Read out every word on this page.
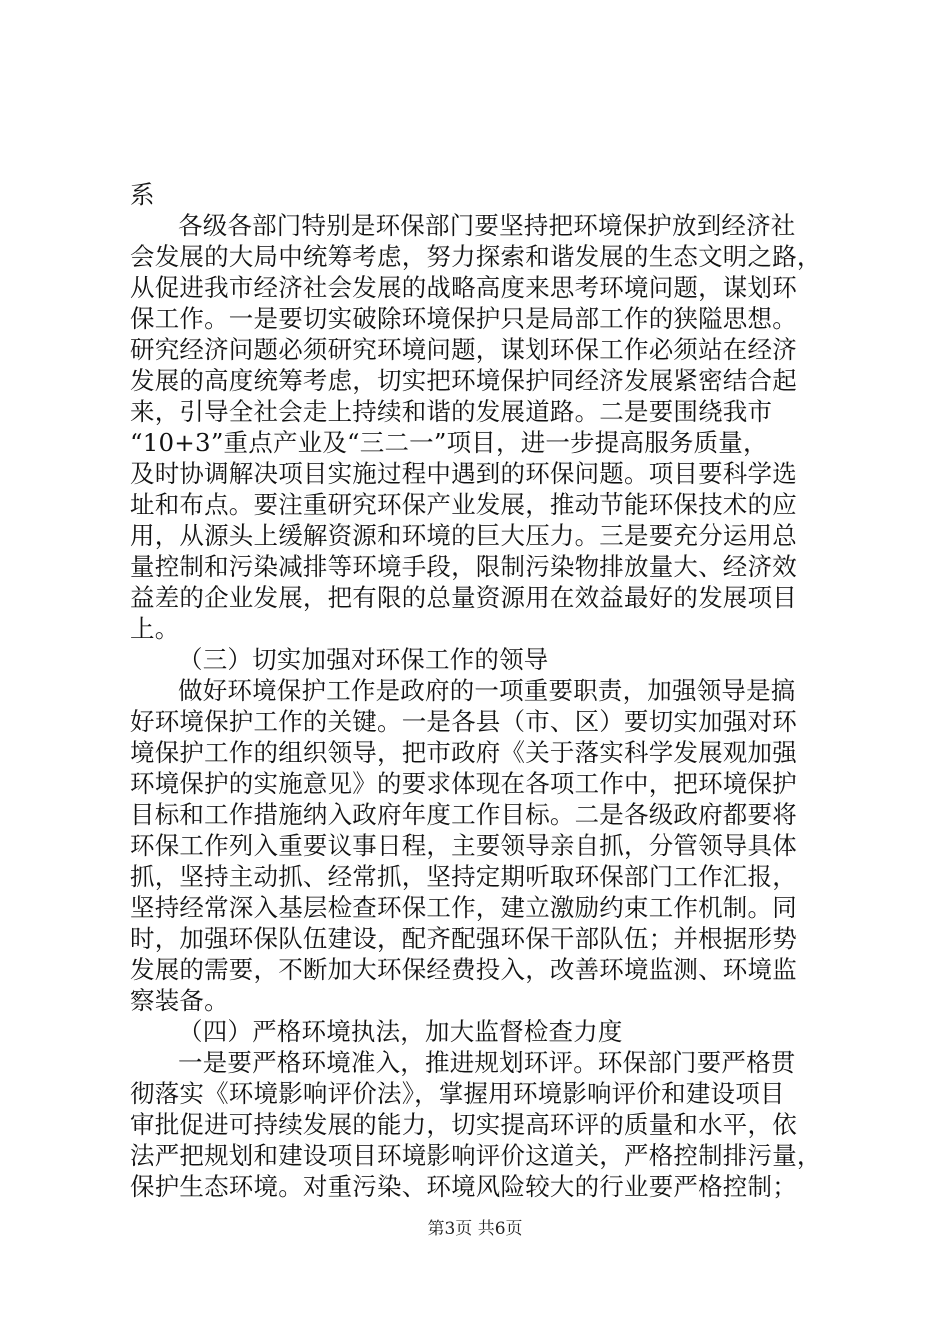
系
各级各部门特别是环保部门要坚持把环境保护放到经济社
会发展的大局中统筹考虑，努力探索和谐发展的生态文明之路，
从促进我市经济社会发展的战略高度来思考环境问题，谋划环
保工作。一是要切实破除环境保护只是局部工作的狭隘思想。
研究经济问题必须研究环境问题，谋划环保工作必须站在经济
发展的高度统筹考虑，切实把环境保护同经济发展紧密结合起
来，引导全社会走上持续和谐的发展道路。二是要围绕我市
“10+3”重点产业及“三二一”项目，进一步提高服务质量，
及时协调解决项目实施过程中遇到的环保问题。项目要科学选
址和布点。要注重研究环保产业发展，推动节能环保技术的应
用，从源头上缓解资源和环境的巨大压力。三是要充分运用总
量控制和污染减排等环境手段，限制污染物排放量大、经济效
益差的企业发展，把有限的总量资源用在效益最好的发展项目
上。
（三）切实加强对环保工作的领导
做好环境保护工作是政府的一项重要职责，加强领导是搞
好环境保护工作的关键。一是各县（市、区）要切实加强对环
境保护工作的组织领导，把市政府《关于落实科学发展观加强
环境保护的实施意见》的要求体现在各项工作中，把环境保护
目标和工作措施纳入政府年度工作目标。二是各级政府都要将
环保工作列入重要议事日程，主要领导亲自抓，分管领导具体
抓，坚持主动抓、经常抓，坚持定期听取环保部门工作汇报，
坚持经常深入基层检查环保工作，建立激励约束工作机制。同
时，加强环保队伍建设，配齐配强环保干部队伍；并根据形势
发展的需要，不断加大环保经费投入，改善环境监测、环境监
察装备。
（四）严格环境执法，加大监督检查力度
一是要严格环境准入，推进规划环评。环保部门要严格贯
彻落实《环境影响评价法》，掌握用环境影响评价和建设项目
审批促进可持续发展的能力，切实提高环评的质量和水平，依
法严把规划和建设项目环境影响评价这道关，严格控制排污量，
保护生态环境。对重污染、环境风险较大的行业要严格控制；
第3页 共6页
